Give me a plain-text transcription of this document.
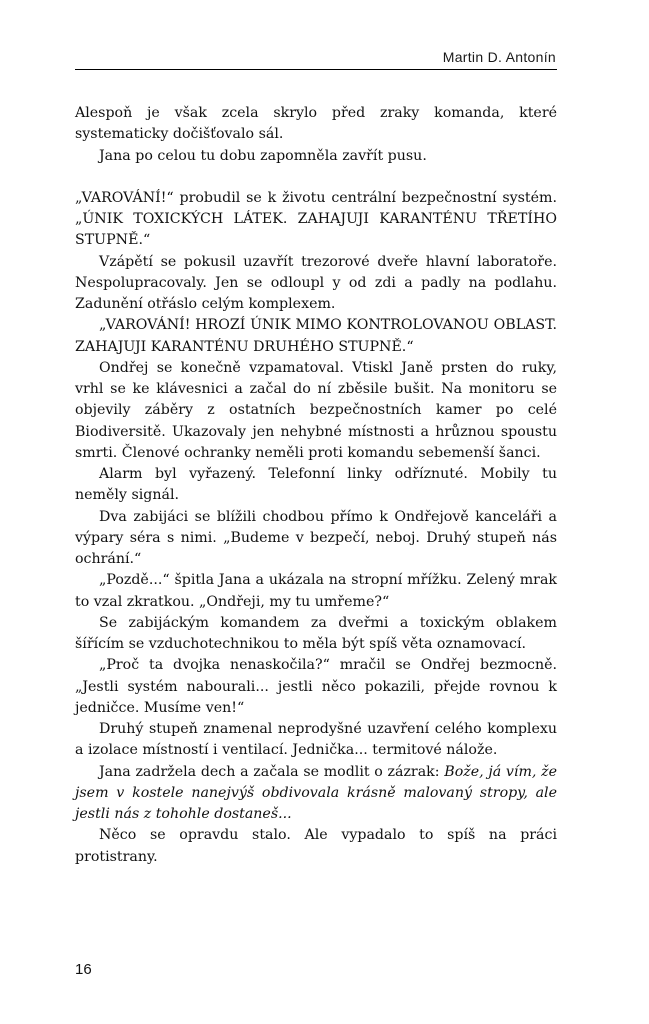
Martin D. Antonín

Alespoň je však zcela skrylo před zraky komanda, které systematicky dočišťovalo sál.

Jana po celou tu dobu zapomněla zavřít pusu.

„VAROVÁNÍ!“ probudil se k životu centrální bezpečnostní systém. „ÚNIK TOXICKÝCH LÁTEK. ZAHAJUJI KARANTÉNU TŘETÍHO STUPNĚ.“

Vzápětí se pokusil uzavřít trezorové dveře hlavní laboratoře. Nespolupracovaly. Jen se odloupl y od zdi a padly na podlahu. Zadunění otřáslo celým komplexem.

„VAROVÁNÍ! HROZÍ ÚNIK MIMO KONTROLOVANOU OBLAST. ZAHAJUJI KARANTÉNU DRUHÉHO STUPNĚ.“

Ondřej se konečně vzpamatoval. Vtiskl Janě prsten do ruky, vrhl se ke klávesnici a začal do ní zběsile bušit. Na monitoru se objevily záběry z ostatních bezpečnostních kamer po celé Biodiversitě. Ukazovaly jen nehybné místnosti a hrůznou spoustu smrti. Členové ochranky neměli proti komandu sebemenší šanci.

Alarm byl vyřazený. Telefonní linky odříznuté. Mobily tu neměly signál.

Dva zabijáci se blížili chodbou přímo k Ondřejově kanceláři a výpary séra s nimi. „Budeme v bezpečí, neboj. Druhý stupeň nás ochrání.“

„Pozdě...“ špitla Jana a ukázala na stropní mřížku. Zelený mrak to vzal zkratkou. „Ondřeji, my tu umřeme?“

Se zabijáckým komandem za dveřmi a toxickým oblakem šířícím se vzduchotechnikou to měla být spíš věta oznamovací.

„Proč ta dvojka nenaskočila?“ mračil se Ondřej bezmocně. „Jestli systém nabourali... jestli něco pokazili, přejde rovnou k jedničce. Musíme ven!“

Druhý stupeň znamenal neprodyšné uzavření celého komplexu a izolace místností i ventilací. Jednička... termitové nálože.

Jana zadržela dech a začala se modlit o zázrak: Bože, já vím, že jsem v kostele nanejvýš obdivovala krásně malovaný stropy, ale jestli nás z tohohle dostaneš...

Něco se opravdu stalo. Ale vypadalo to spíš na práci protistrany.

16
